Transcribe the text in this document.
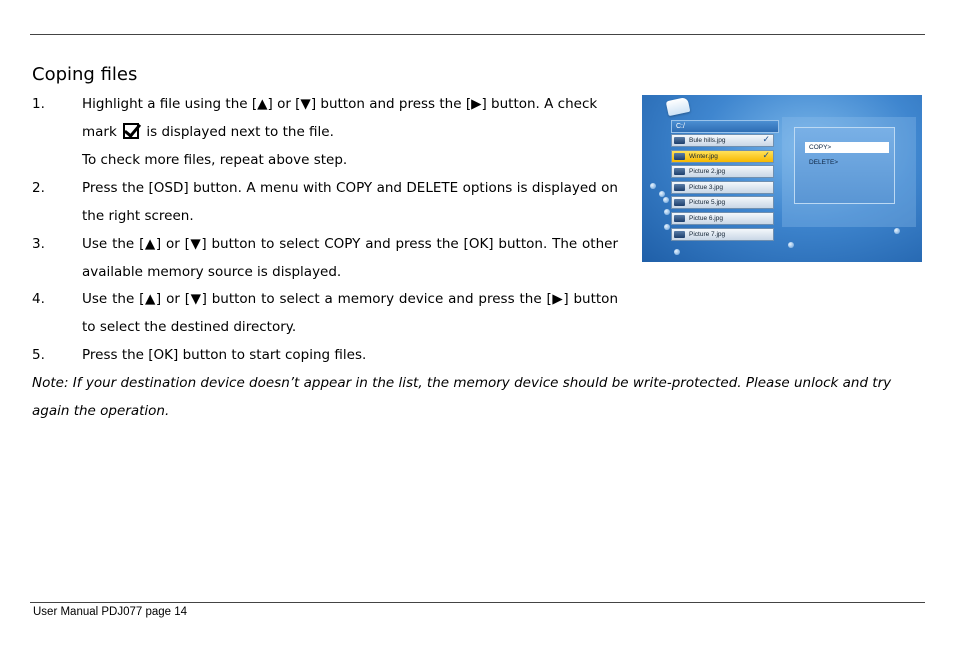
Coping files
1.	Highlight a file using the [▲] or [▼] button and press the [▶] button. A check
mark is displayed next to the file.
To check more files, repeat above step.
2.	Press the [OSD] button. A menu with COPY and DELETE options is displayed on the right screen.
3.	Use the [▲] or [▼] button to select COPY and press the [OK] button. The other available memory source is displayed.
4.	Use the [▲] or [▼] button to select a memory device and press the [▶] button to select the destined directory.
5.	Press the [OK] button to start coping files.
Note: If your destination device doesn’t appear in the list, the memory device should be write-protected. Please unlock and try again the operation.
C:/
Bule hills.jpg	✓
Winter.jpg	✓
Picture 2.jpg
Pictue 3.jpg
Picture 5.jpg
Pictue 6.jpg
Picture 7.jpg
COPY>
DELETE>
User Manual PDJ077 page 14
